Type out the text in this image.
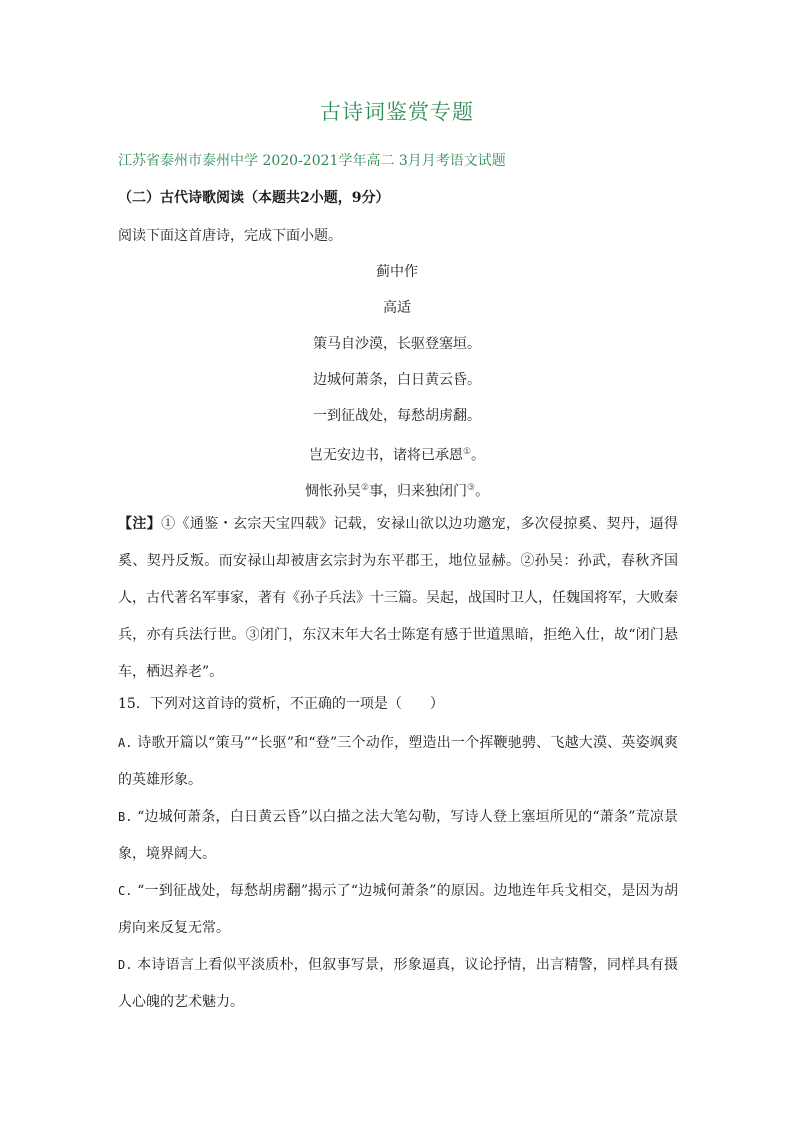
古诗词鉴赏专题
江苏省泰州市泰州中学 2020-2021学年高二 3月月考语文试题
（二）古代诗歌阅读（本题共2小题，9分）
阅读下面这首唐诗，完成下面小题。
蓟中作
高适
策马自沙漠，长驱登塞垣。
边城何萧条，白日黄云昏。
一到征战处，每愁胡虏翻。
岂无安边书，诸将已承恩①。
惆怅孙吴②事，归来独闭门③。
【注】①《通鉴・玄宗天宝四载》记载，安禄山欲以边功邀宠，多次侵掠奚、契丹，逼得奚、契丹反叛。而安禄山却被唐玄宗封为东平郡王，地位显赫。②孙吴：孙武，春秋齐国人，古代著名军事家，著有《孙子兵法》十三篇。吴起，战国时卫人，任魏国将军，大败秦兵，亦有兵法行世。③闭门，东汉末年大名士陈寔有感于世道黑暗，拒绝入仕，故“闭门悬车，栖迟养老”。
15．下列对这首诗的赏析，不正确的一项是（　　）
A. 诗歌开篇以“策马”“长驱”和“登”三个动作，塑造出一个挥鞭驰骋、飞越大漠、英姿飒爽的英雄形象。
B. “边城何萧条，白日黄云昏”以白描之法大笔勾勒，写诗人登上塞垣所见的“萧条”荒凉景象，境界阔大。
C. “一到征战处，每愁胡虏翻”揭示了“边城何萧条”的原因。边地连年兵戈相交，是因为胡虏向来反复无常。
D. 本诗语言上看似平淡质朴，但叙事写景，形象逼真，议论抒情，出言精警，同样具有摄人心魄的艺术魅力。
